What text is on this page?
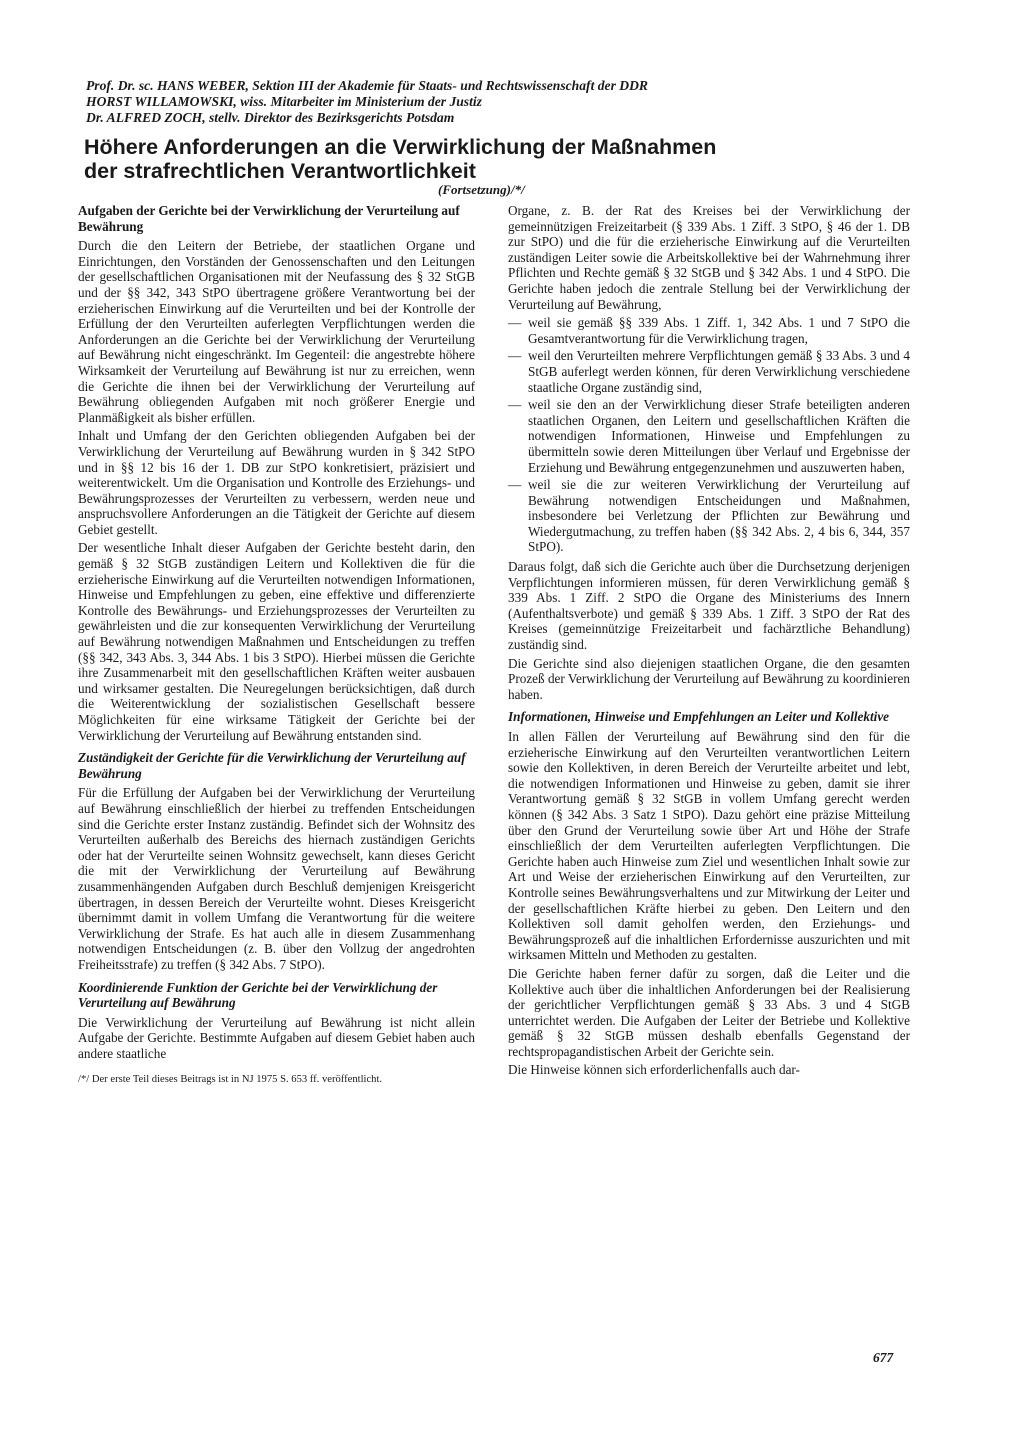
Prof. Dr. sc. HANS WEBER, Sektion III der Akademie für Staats- und Rechtswissenschaft der DDR
HORST WILLAMOWSKI, wiss. Mitarbeiter im Ministerium der Justiz
Dr. ALFRED ZOCH, stellv. Direktor des Bezirksgerichts Potsdam
Höhere Anforderungen an die Verwirklichung der Maßnahmen
der strafrechtlichen Verantwortlichkeit
(Fortsetzung)/*/
Aufgaben der Gerichte bei der Verwirklichung der Verurteilung auf Bewährung

Durch die den Leitern der Betriebe, der staatlichen Organe und Einrichtungen, den Vorständen der Genossenschaften und den Leitungen der gesellschaftlichen Organisationen mit der Neufassung des § 32 StGB und der §§ 342, 343 StPO übertragene größere Verantwortung bei der erzieherischen Einwirkung auf die Verurteilten und bei der Kontrolle der Erfüllung der den Verurteilten auferlegten Verpflichtungen werden die Anforderungen an die Gerichte bei der Verwirklichung der Verurteilung auf Bewährung nicht eingeschränkt. Im Gegenteil: die angestrebte höhere Wirksamkeit der Verurteilung auf Bewährung ist nur zu erreichen, wenn die Gerichte die ihnen bei der Verwirklichung der Verurteilung auf Bewährung obliegenden Aufgaben mit noch größerer Energie und Planmäßigkeit als bisher erfüllen.

Inhalt und Umfang der den Gerichten obliegenden Aufgaben bei der Verwirklichung der Verurteilung auf Bewährung wurden in § 342 StPO und in §§ 12 bis 16 der 1. DB zur StPO konkretisiert, präzisiert und weiterentwickelt. Um die Organisation und Kontrolle des Erziehungs- und Bewährungsprozesses der Verurteilten zu verbessern, werden neue und anspruchsvollere Anforderungen an die Tätigkeit der Gerichte auf diesem Gebiet gestellt.

Der wesentliche Inhalt dieser Aufgaben der Gerichte besteht darin, den gemäß § 32 StGB zuständigen Leitern und Kollektiven die für die erzieherische Einwirkung auf die Verurteilten notwendigen Informationen, Hinweise und Empfehlungen zu geben, eine effektive und differenzierte Kontrolle des Bewährungs- und Erziehungsprozesses der Verurteilten zu gewährleisten und die zur konsequenten Verwirklichung der Verurteilung auf Bewährung notwendigen Maßnahmen und Entscheidungen zu treffen (§§ 342, 343 Abs. 3, 344 Abs. 1 bis 3 StPO). Hierbei müssen die Gerichte ihre Zusammenarbeit mit den gesellschaftlichen Kräften weiter ausbauen und wirksamer gestalten. Die Neuregelungen berücksichtigen, daß durch die Weiterentwicklung der sozialistischen Gesellschaft bessere Möglichkeiten für eine wirksame Tätigkeit der Gerichte bei der Verwirklichung der Verurteilung auf Bewährung entstanden sind.

Zuständigkeit der Gerichte für die Verwirklichung der Verurteilung auf Bewährung

Für die Erfüllung der Aufgaben bei der Verwirklichung der Verurteilung auf Bewährung einschließlich der hierbei zu treffenden Entscheidungen sind die Gerichte erster Instanz zuständig. Befindet sich der Wohnsitz des Verurteilten außerhalb des Bereichs des hiernach zuständigen Gerichts oder hat der Verurteilte seinen Wohnsitz gewechselt, kann dieses Gericht die mit der Verwirklichung der Verurteilung auf Bewährung zusammenhängenden Aufgaben durch Beschluß demjenigen Kreisgericht übertragen, in dessen Bereich der Verurteilte wohnt. Dieses Kreisgericht übernimmt damit in vollem Umfang die Verantwortung für die weitere Verwirklichung der Strafe. Es hat auch alle in diesem Zusammenhang notwendigen Entscheidungen (z. B. über den Vollzug der angedrohten Freiheitsstrafe) zu treffen (§ 342 Abs. 7 StPO).

Koordinierende Funktion der Gerichte bei der Verwirklichung der Verurteilung auf Bewährung

Die Verwirklichung der Verurteilung auf Bewährung ist nicht allein Aufgabe der Gerichte. Bestimmte Aufgaben auf diesem Gebiet haben auch andere staatliche

/*/ Der erste Teil dieses Beitrags ist in NJ 1975 S. 653 ff. veröffentlicht.

Organe, z. B. der Rat des Kreises bei der Verwirklichung der gemeinnützigen Freizeitarbeit (§ 339 Abs. 1 Ziff. 3 StPO, § 46 der 1. DB zur StPO) und die für die erzieherische Einwirkung auf die Verurteilten zuständigen Leiter sowie die Arbeitskollektive bei der Wahrnehmung ihrer Pflichten und Rechte gemäß § 32 StGB und § 342 Abs. 1 und 4 StPO. Die Gerichte haben jedoch die zentrale Stellung bei der Verwirklichung der Verurteilung auf Bewährung,

— weil sie gemäß §§ 339 Abs. 1 Ziff. 1, 342 Abs. 1 und 7 StPO die Gesamtverantwortung für die Verwirklichung tragen,
— weil den Verurteilten mehrere Verpflichtungen gemäß § 33 Abs. 3 und 4 StGB auferlegt werden können, für deren Verwirklichung verschiedene staatliche Organe zuständig sind,
— weil sie den an der Verwirklichung dieser Strafe beteiligten anderen staatlichen Organen, den Leitern und gesellschaftlichen Kräften die notwendigen Informationen, Hinweise und Empfehlungen zu übermitteln sowie deren Mitteilungen über Verlauf und Ergebnisse der Erziehung und Bewährung entgegenzunehmen und auszuwerten haben,
— weil sie die zur weiteren Verwirklichung der Verurteilung auf Bewährung notwendigen Entscheidungen und Maßnahmen, insbesondere bei Verletzung der Pflichten zur Bewährung und Wiedergutmachung, zu treffen haben (§§ 342 Abs. 2, 4 bis 6, 344, 357 StPO).

Daraus folgt, daß sich die Gerichte auch über die Durchsetzung derjenigen Verpflichtungen informieren müssen, für deren Verwirklichung gemäß § 339 Abs. 1 Ziff. 2 StPO die Organe des Ministeriums des Innern (Aufenthaltsverbote) und gemäß § 339 Abs. 1 Ziff. 3 StPO der Rat des Kreises (gemeinnützige Freizeitarbeit und fachärztliche Behandlung) zuständig sind.

Die Gerichte sind also diejenigen staatlichen Organe, die den gesamten Prozeß der Verwirklichung der Verurteilung auf Bewährung zu koordinieren haben.

Informationen, Hinweise und Empfehlungen an Leiter und Kollektive

In allen Fällen der Verurteilung auf Bewährung sind den für die erzieherische Einwirkung auf den Verurteilten verantwortlichen Leitern sowie den Kollektiven, in deren Bereich der Verurteilte arbeitet und lebt, die notwendigen Informationen und Hinweise zu geben, damit sie ihrer Verantwortung gemäß § 32 StGB in vollem Umfang gerecht werden können (§ 342 Abs. 3 Satz 1 StPO). Dazu gehört eine präzise Mitteilung über den Grund der Verurteilung sowie über Art und Höhe der Strafe einschließlich der dem Verurteilten auferlegten Verpflichtungen. Die Gerichte haben auch Hinweise zum Ziel und wesentlichen Inhalt sowie zur Art und Weise der erzieherischen Einwirkung auf den Verurteilten, zur Kontrolle seines Bewährungsverhaltens und zur Mitwirkung der Leiter und der gesellschaftlichen Kräfte hierbei zu geben. Den Leitern und den Kollektiven soll damit geholfen werden, den Erziehungs- und Bewährungsprozeß auf die inhaltlichen Erfordernisse auszurichten und mit wirksamen Mitteln und Methoden zu gestalten.

Die Gerichte haben ferner dafür zu sorgen, daß die Leiter und die Kollektive auch über die inhaltlichen Anforderungen bei der Realisierung der gerichtlicher Verpflichtungen gemäß § 33 Abs. 3 und 4 StGB unterrichtet werden. Die Aufgaben der Leiter der Betriebe und Kollektive gemäß § 32 StGB müssen deshalb ebenfalls Gegenstand der rechtspropagandistischen Arbeit der Gerichte sein.

Die Hinweise können sich erforderlichenfalls auch dar-

677
